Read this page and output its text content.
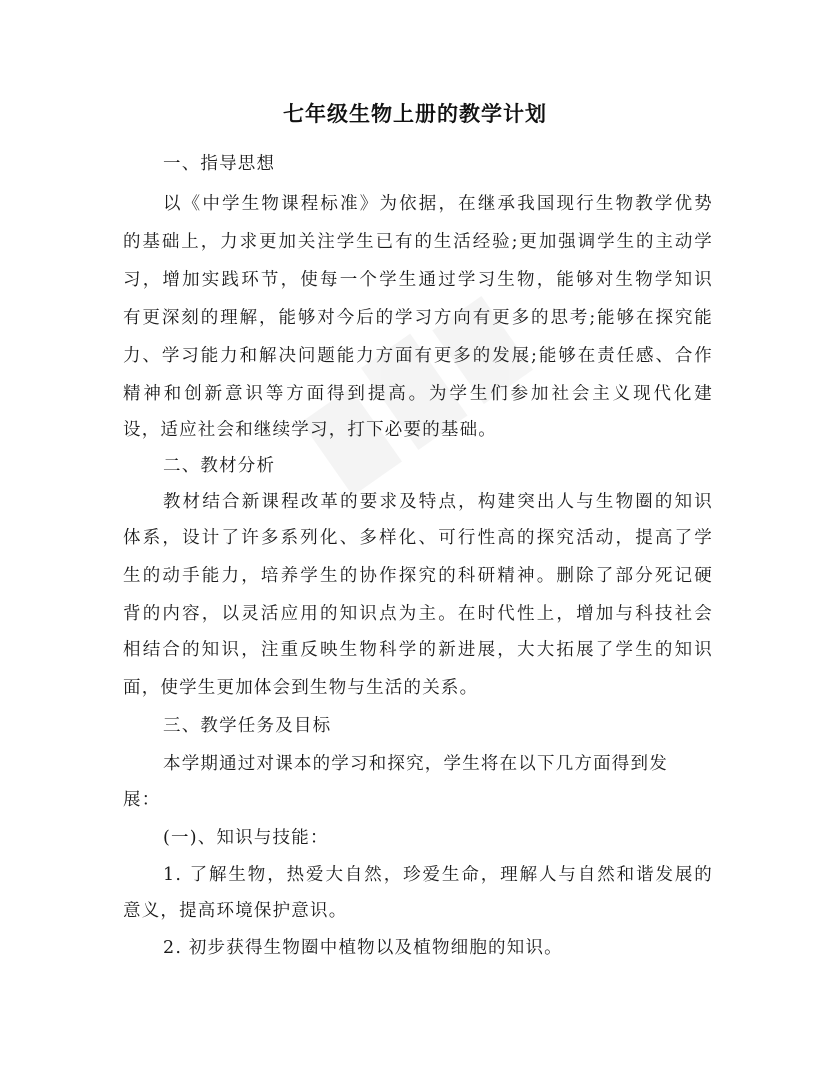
七年级生物上册的教学计划
一、指导思想
以《中学生物课程标准》为依据，在继承我国现行生物教学优势
的基础上，力求更加关注学生已有的生活经验;更加强调学生的主动学
习，增加实践环节，使每一个学生通过学习生物，能够对生物学知识
有更深刻的理解，能够对今后的学习方向有更多的思考;能够在探究能
力、学习能力和解决问题能力方面有更多的发展;能够在责任感、合作
精神和创新意识等方面得到提高。为学生们参加社会主义现代化建
设，适应社会和继续学习，打下必要的基础。
二、教材分析
教材结合新课程改革的要求及特点，构建突出人与生物圈的知识
体系，设计了许多系列化、多样化、可行性高的探究活动，提高了学
生的动手能力，培养学生的协作探究的科研精神。删除了部分死记硬
背的内容，以灵活应用的知识点为主。在时代性上，增加与科技社会
相结合的知识，注重反映生物科学的新进展，大大拓展了学生的知识
面，使学生更加体会到生物与生活的关系。
三、教学任务及目标
本学期通过对课本的学习和探究，学生将在以下几方面得到发
展：
(一)、知识与技能：
1. 了解生物，热爱大自然，珍爱生命，理解人与自然和谐发展的
意义，提高环境保护意识。
2. 初步获得生物圈中植物以及植物细胞的知识。
